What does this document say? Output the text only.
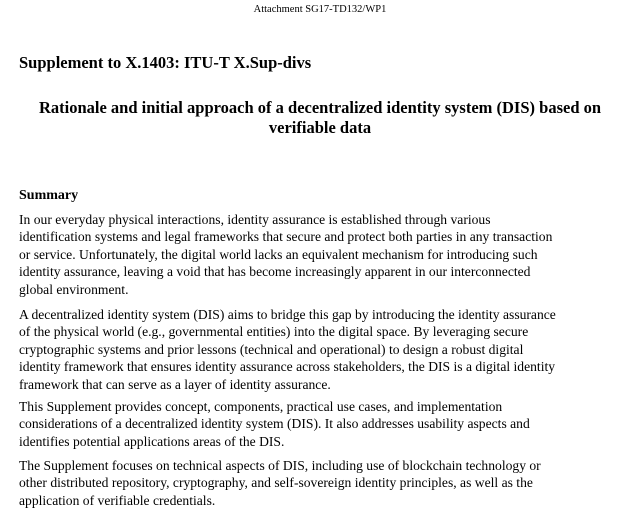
Attachment SG17-TD132/WP1
Supplement to X.1403: ITU-T X.Sup-divs
Rationale and initial approach of a decentralized identity system (DIS) based on
verifiable data
Summary
In our everyday physical interactions, identity assurance is established through various
identification systems and legal frameworks that secure and protect both parties in any transaction
or service. Unfortunately, the digital world lacks an equivalent mechanism for introducing such
identity assurance, leaving a void that has become increasingly apparent in our interconnected
global environment.
A decentralized identity system (DIS) aims to bridge this gap by introducing the identity assurance
of the physical world (e.g., governmental entities) into the digital space. By leveraging secure
cryptographic systems and prior lessons (technical and operational) to design a robust digital
identity framework that ensures identity assurance across stakeholders, the DIS is a digital identity
framework that can serve as a layer of identity assurance.
This Supplement provides concept, components, practical use cases, and implementation
considerations of a decentralized identity system (DIS). It also addresses usability aspects and
identifies potential applications areas of the DIS.
The Supplement focuses on technical aspects of DIS, including use of blockchain technology or
other distributed repository, cryptography, and self-sovereign identity principles, as well as the
application of verifiable credentials.
